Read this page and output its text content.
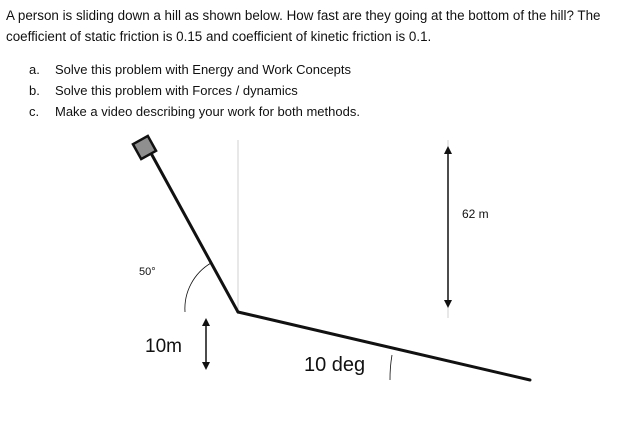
A person is sliding down a hill as shown below. How fast are they going at the bottom of the hill? The coefficient of static friction is 0.15 and coefficient of kinetic friction is 0.1.

a.	Solve this problem with Energy and Work Concepts
b.	Solve this problem with Forces / dynamics
c.	Make a video describing your work for both methods.
50°
62 m
10m
10 deg
